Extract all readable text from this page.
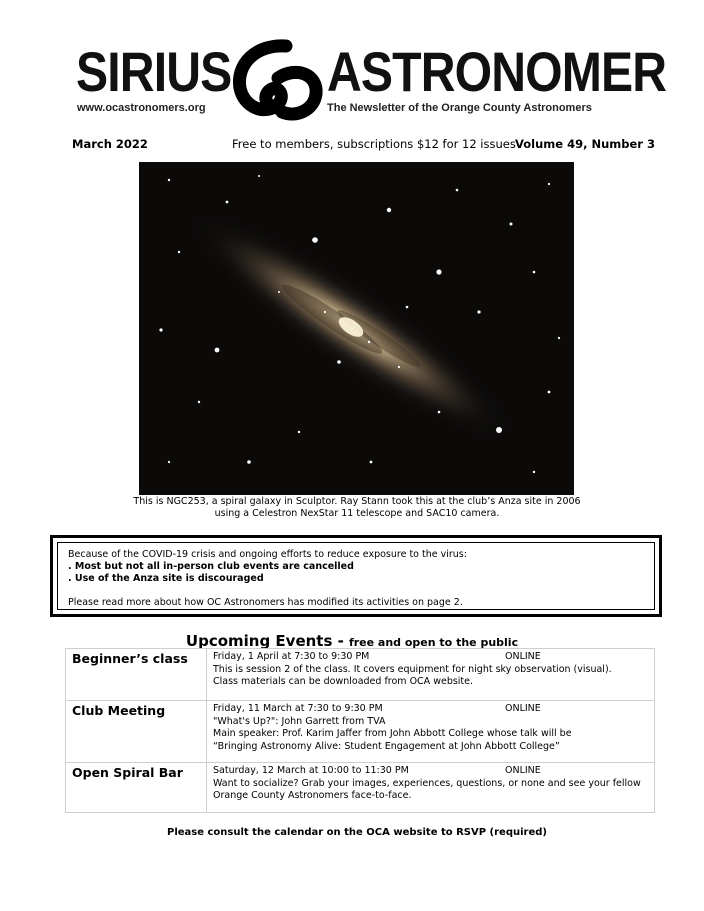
SIRIUS ASTRONOMER
www.ocastronomers.org	The Newsletter of the Orange County Astronomers
March 2022	Free to members, subscriptions $12 for 12 issues Volume 49, Number 3
This is NGC253, a spiral galaxy in Sculptor. Ray Stann took this at the club’s Anza site in 2006
using a Celestron NexStar 11 telescope and SAC10 camera.
Because of the COVID-19 crisis and ongoing efforts to reduce exposure to the virus:
. Most but not all in-person club events are cancelled
. Use of the Anza site is discouraged
Please read more about how OC Astronomers has modified its activities on page 2.
Upcoming Events - free and open to the public
Beginner’s class	Friday, 1 April at 7:30 to 9:30 PM ONLINE
This is session 2 of the class. It covers equipment for night sky observation (visual).
Class materials can be downloaded from OCA website.

Club Meeting	Friday, 11 March at 7:30 to 9:30 PM ONLINE
"What's Up?": John Garrett from TVA
Main speaker: Prof. Karim Jaffer from John Abbott College whose talk will be
“Bringing Astronomy Alive: Student Engagement at John Abbott College”

Open Spiral Bar	Saturday, 12 March at 10:00 to 11:30 PM ONLINE
Want to socialize? Grab your images, experiences, questions, or none and see your fellow
Orange County Astronomers face-to-face.
Please consult the calendar on the OCA website to RSVP (required)
